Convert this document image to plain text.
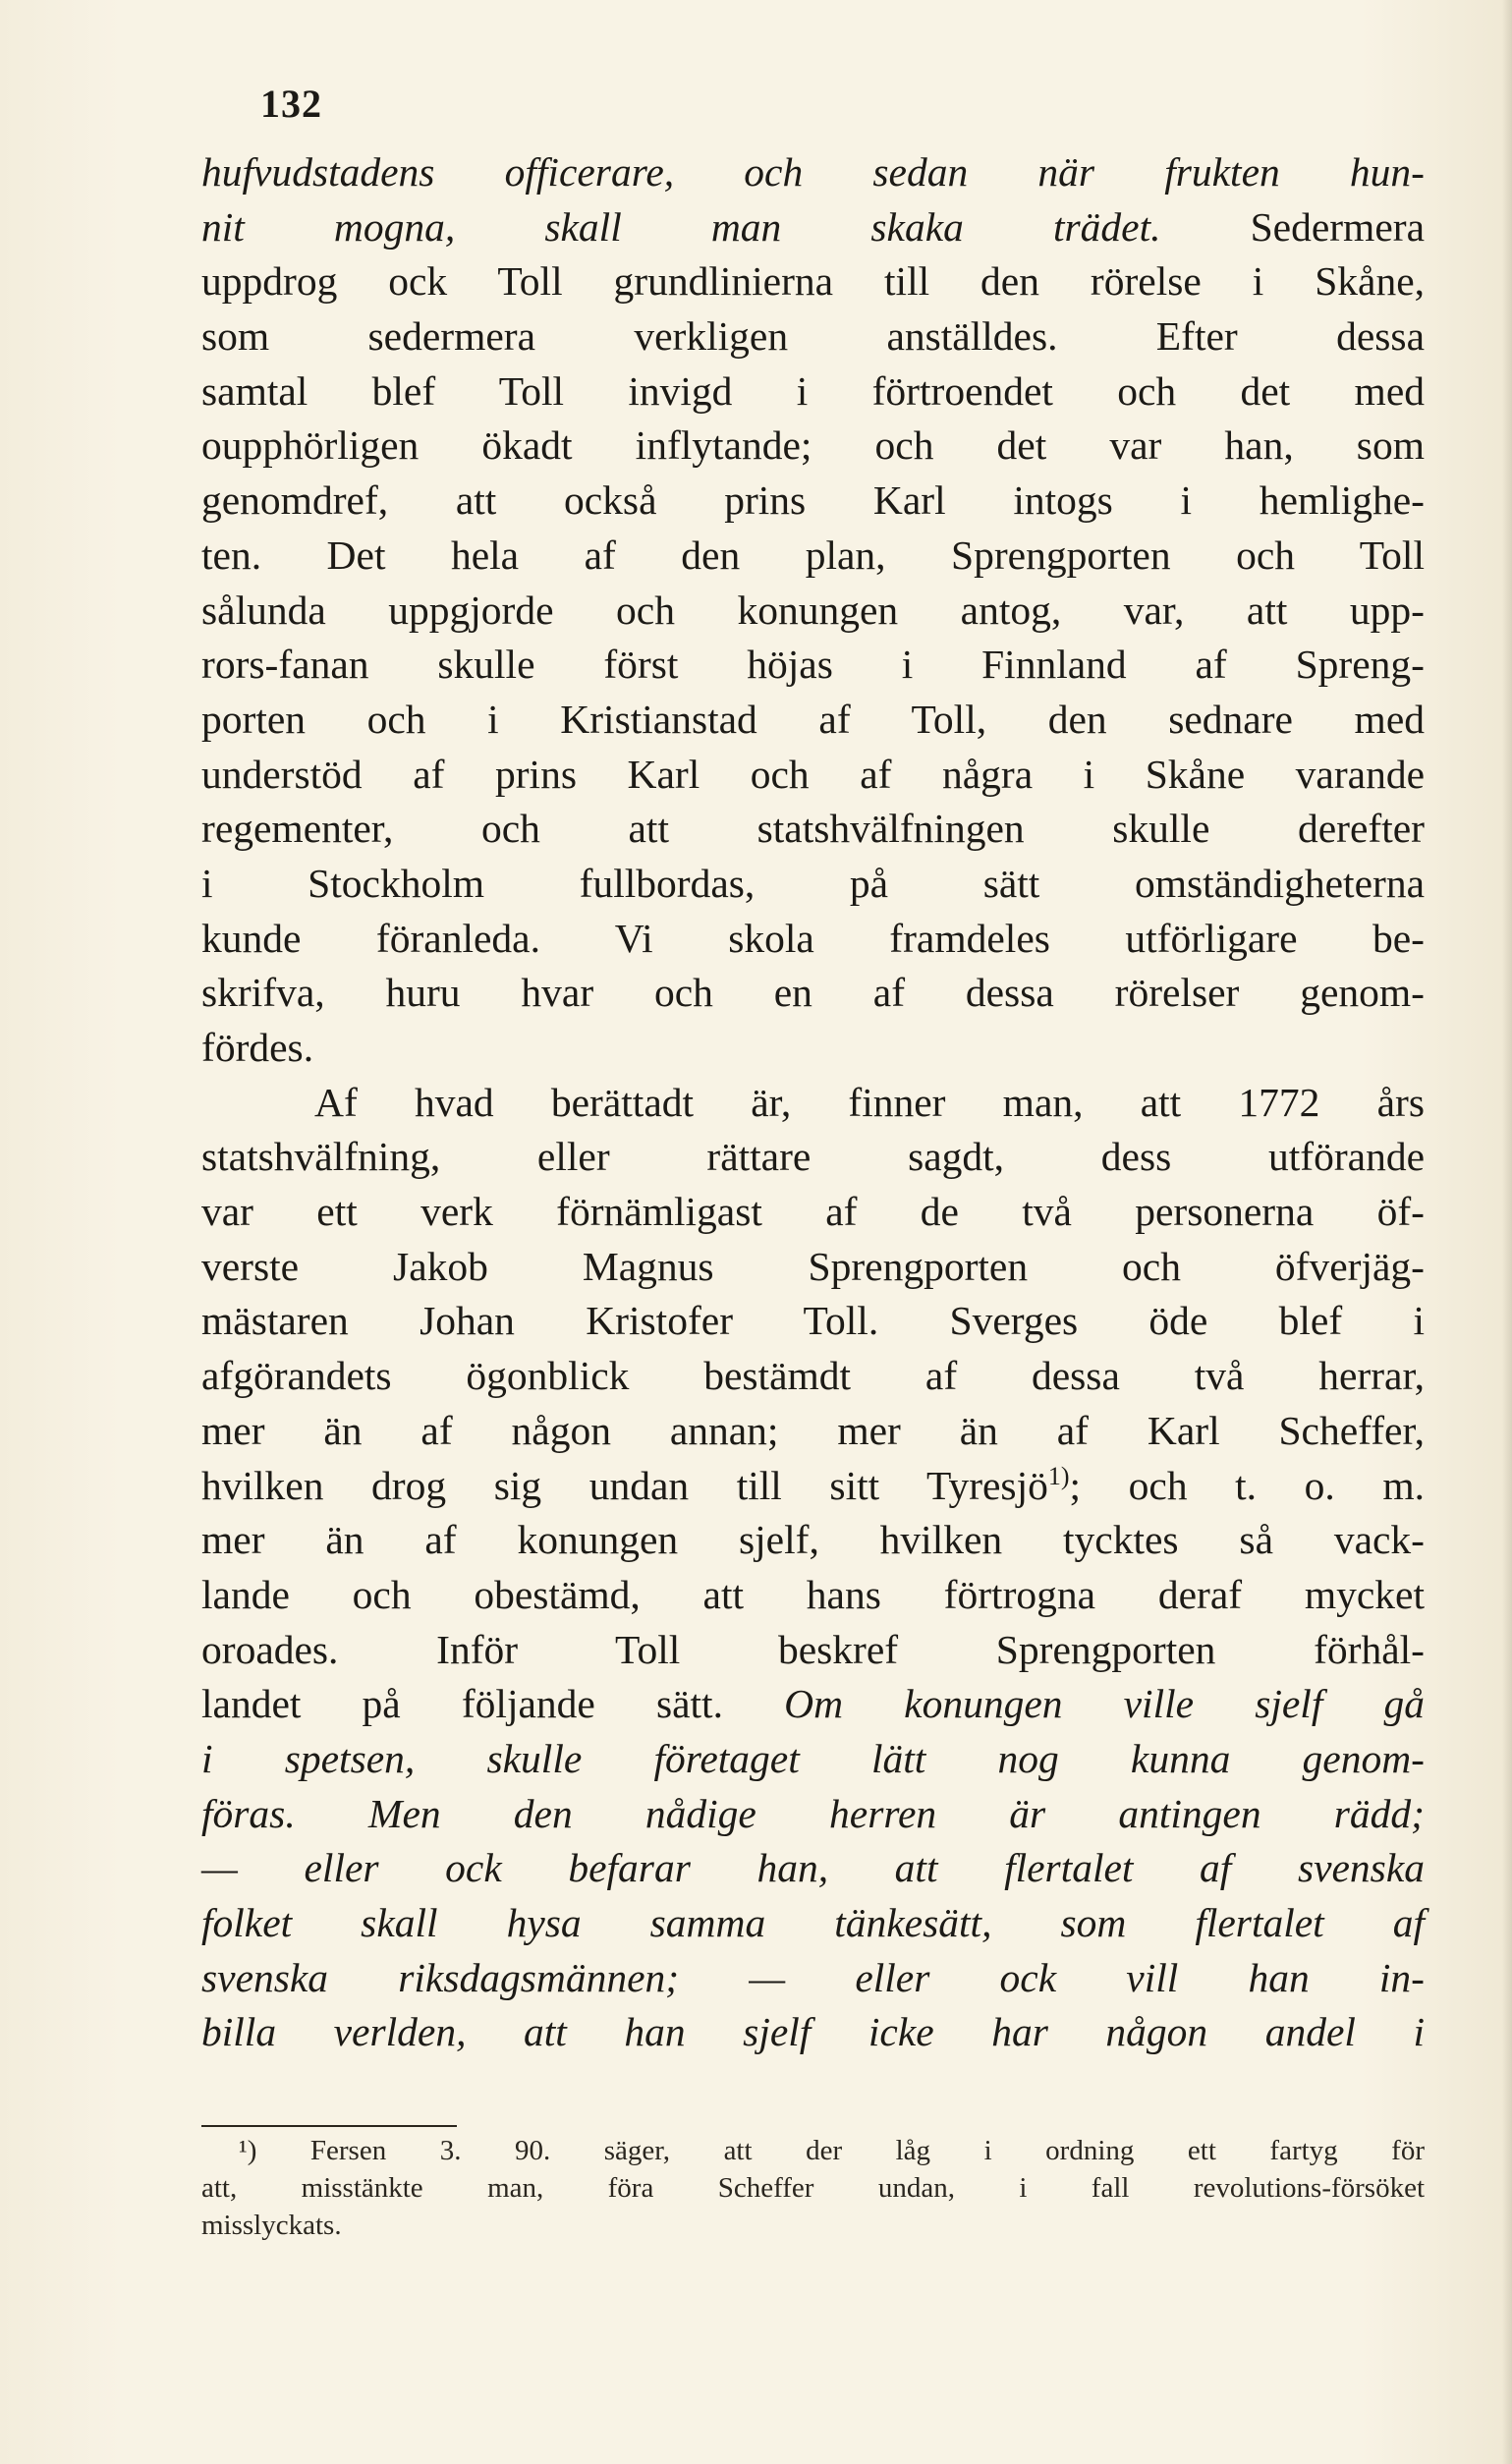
132
hufvudstadens officerare, och sedan när frukten hun-
nit mogna, skall man skaka trädet. Sedermera
uppdrog ock Toll grundlinierna till den rörelse i Skåne,
som sedermera verkligen anställdes. Efter dessa
samtal blef Toll invigd i förtroendet och det med
oupphörligen ökadt inflytande; och det var han, som
genomdref, att också prins Karl intogs i hemlighe-
ten. Det hela af den plan, Sprengporten och Toll
sålunda uppgjorde och konungen antog, var, att upp-
rors-fanan skulle först höjas i Finnland af Spreng-
porten och i Kristianstad af Toll, den sednare med
understöd af prins Karl och af några i Skåne varande
regementer, och att statshvälfningen skulle derefter
i Stockholm fullbordas, på sätt omständigheterna
kunde föranleda. Vi skola framdeles utförligare be-
skrifva, huru hvar och en af dessa rörelser genom-
fördes.
Af hvad berättadt är, finner man, att 1772 års
statshvälfning, eller rättare sagdt, dess utförande
var ett verk förnämligast af de två personerna öf-
verste Jakob Magnus Sprengporten och öfverjäg-
mästaren Johan Kristofer Toll. Sverges öde blef i
afgörandets ögonblick bestämdt af dessa två herrar,
mer än af någon annan; mer än af Karl Scheffer,
hvilken drog sig undan till sitt Tyresjö$^{1)}$; och t. o. m.
mer än af konungen sjelf, hvilken tycktes så vack-
lande och obestämd, att hans förtrogna deraf mycket
oroades. Inför Toll beskref Sprengporten förhål-
landet på följande sätt. Om konungen ville sjelf gå
i spetsen, skulle företaget lätt nog kunna genom-
föras. Men den nådige herren är antingen rädd;
— eller ock befarar han, att flertalet af svenska
folket skall hysa samma tänkesätt, som flertalet af
svenska riksdagsmännen; — eller ock vill han in-
billa verlden, att han sjelf icke har någon andel i
¹) Fersen 3. 90. säger, att der låg i ordning ett fartyg för
att, misstänkte man, föra Scheffer undan, i fall revolutions-försöket
misslyckats.
